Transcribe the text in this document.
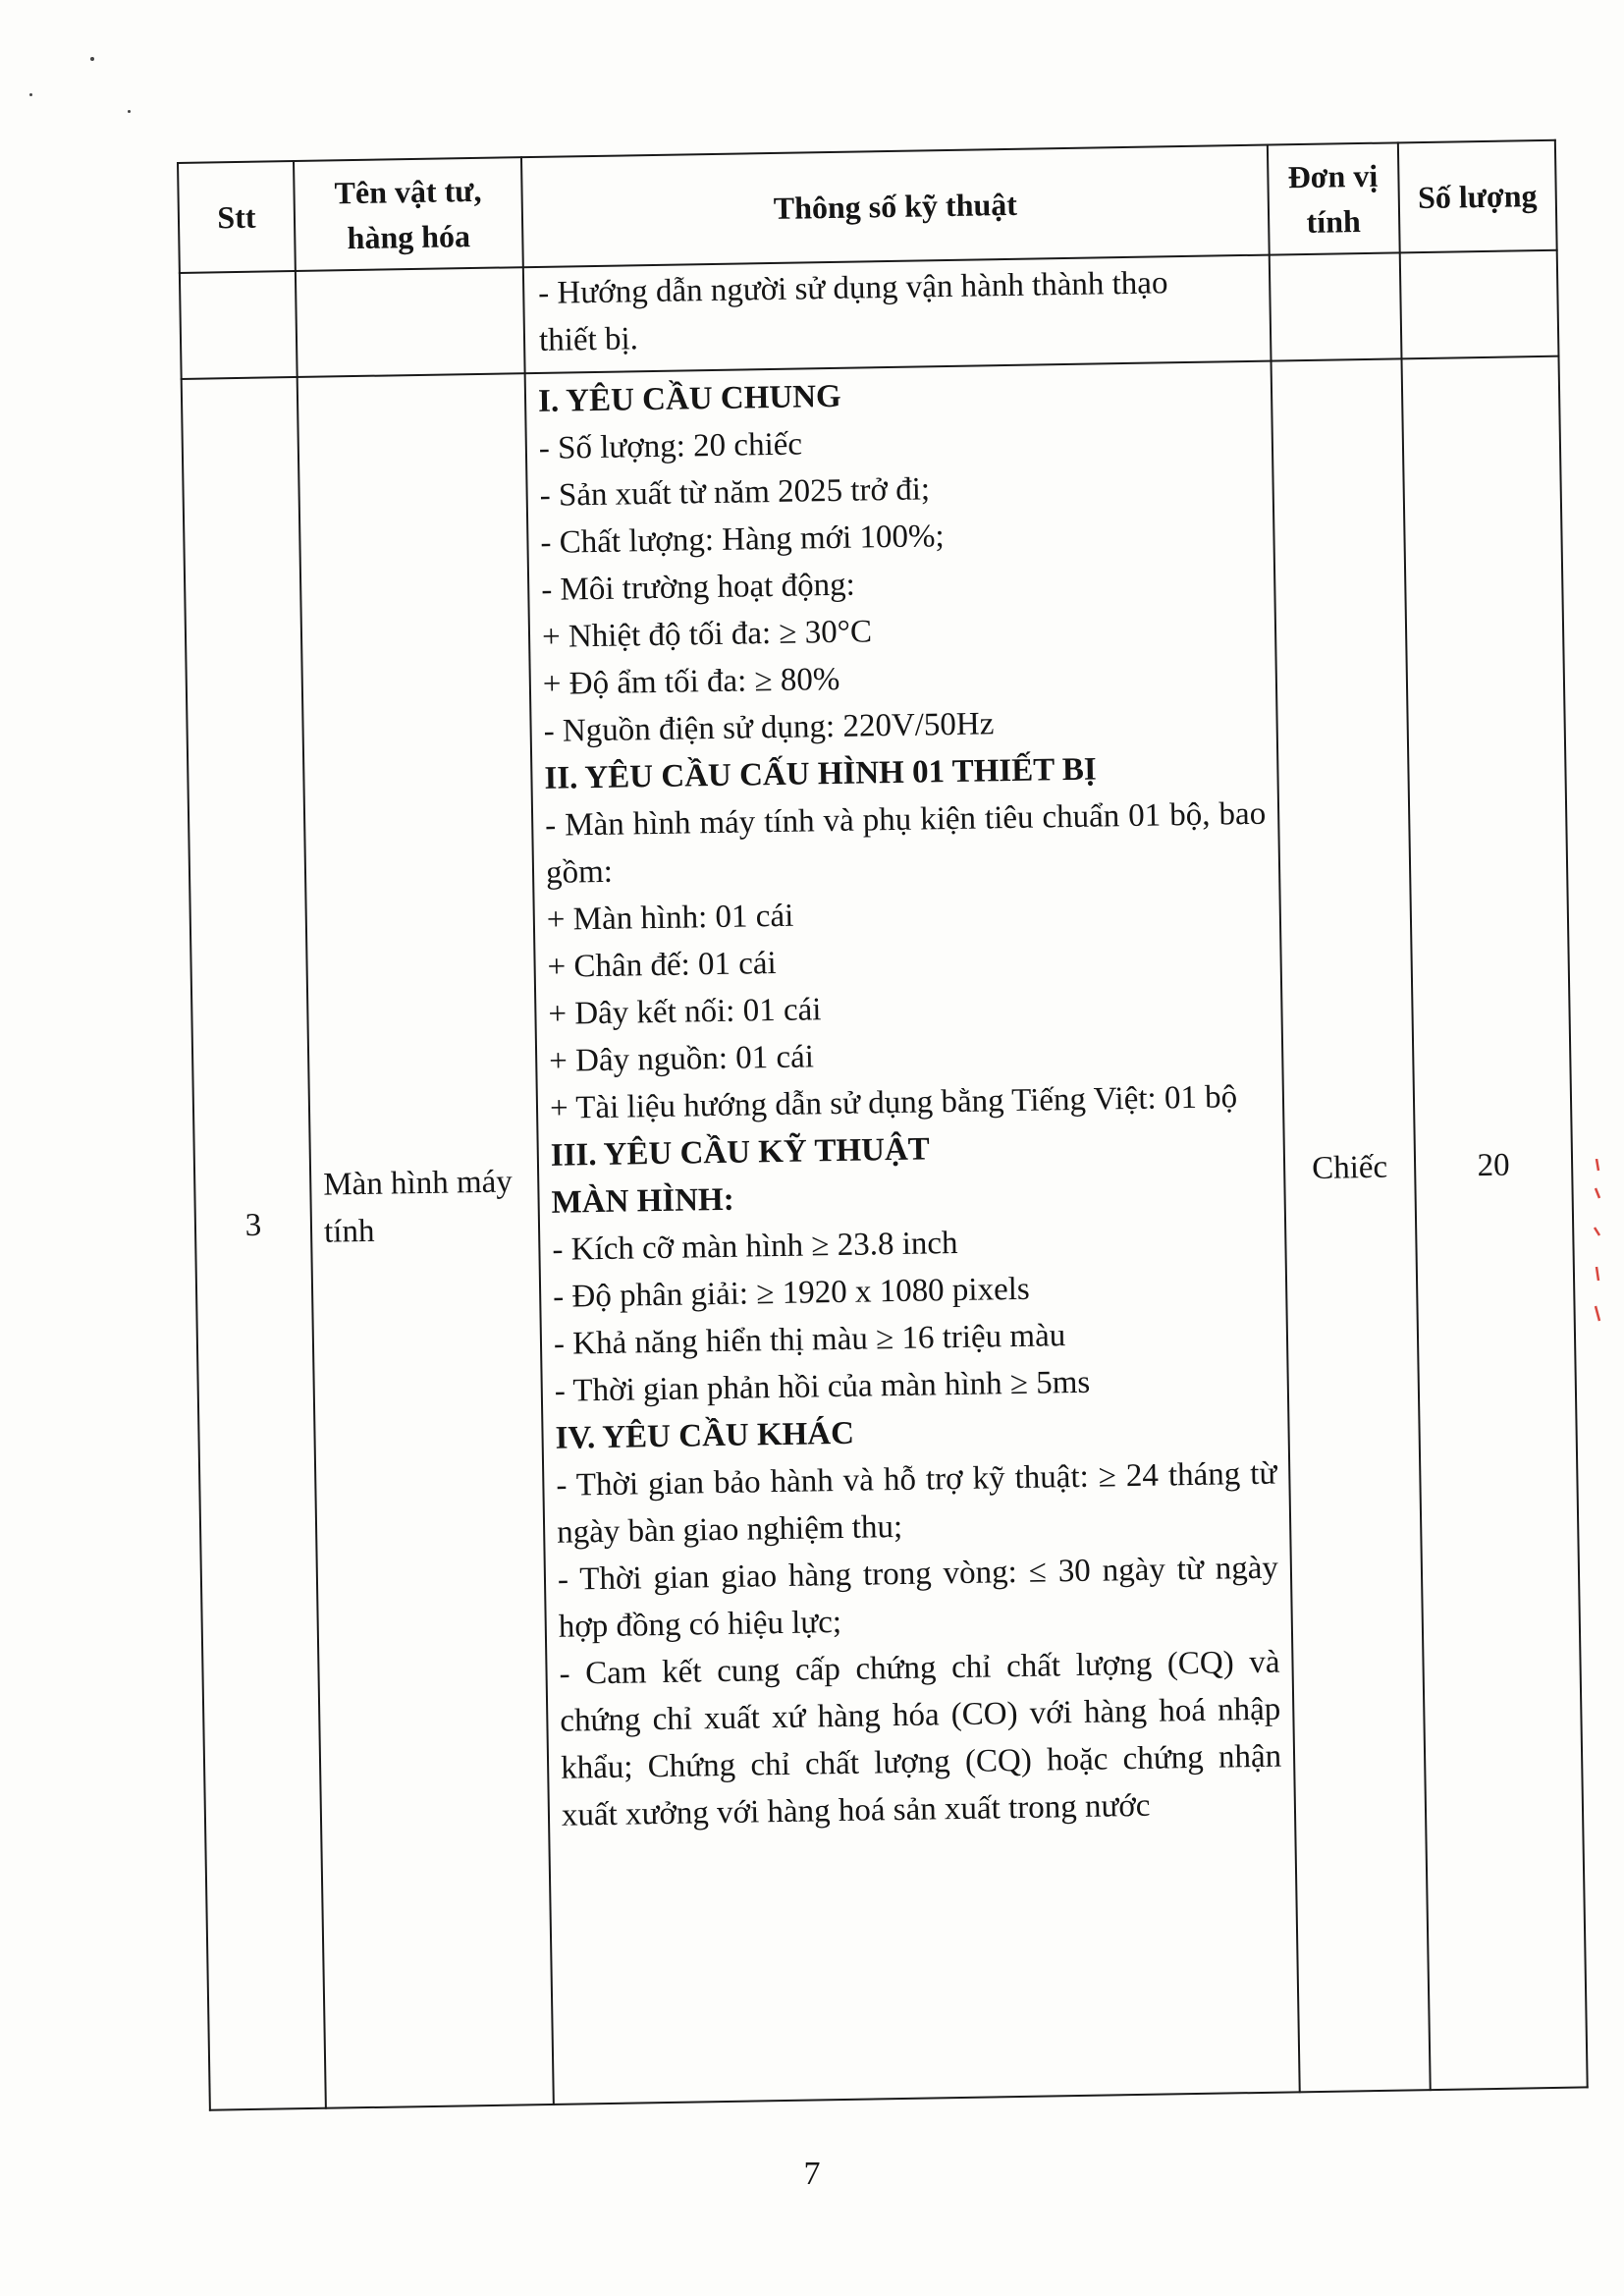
Stt
Tên vật tư, hàng hóa
Thông số kỹ thuật
Đơn vị tính
Số lượng
- Hướng dẫn người sử dụng vận hành thành thạo
thiết bị.
3
Màn hình máy tính
Chiếc	20
I. YÊU CẦU CHUNG
- Số lượng: 20 chiếc
- Sản xuất từ năm 2025 trở đi;
- Chất lượng: Hàng mới 100%;
- Môi trường hoạt động:
+ Nhiệt độ tối đa: ≥ 30°C
+ Độ ẩm tối đa: ≥ 80%
- Nguồn điện sử dụng: 220V/50Hz
II. YÊU CẦU CẤU HÌNH 01 THIẾT BỊ
- Màn hình máy tính và phụ kiện tiêu chuẩn 01 bộ, bao gồm:
+ Màn hình: 01 cái
+ Chân đế: 01 cái
+ Dây kết nối: 01 cái
+ Dây nguồn: 01 cái
+ Tài liệu hướng dẫn sử dụng bằng Tiếng Việt: 01 bộ
III. YÊU CẦU KỸ THUẬT
MÀN HÌNH:
- Kích cỡ màn hình ≥ 23.8 inch
- Độ phân giải: ≥ 1920 x 1080 pixels
- Khả năng hiển thị màu ≥ 16 triệu màu
- Thời gian phản hồi của màn hình ≥ 5ms
IV. YÊU CẦU KHÁC
- Thời gian bảo hành và hỗ trợ kỹ thuật: ≥ 24 tháng từ ngày bàn giao nghiệm thu;
- Thời gian giao hàng trong vòng: ≤ 30 ngày từ ngày hợp đồng có hiệu lực;
- Cam kết cung cấp chứng chỉ chất lượng (CQ) và chứng chỉ xuất xứ hàng hóa (CO) với hàng hoá nhập khẩu; Chứng chỉ chất lượng (CQ) hoặc chứng nhận xuất xưởng với hàng hoá sản xuất trong nước
7
